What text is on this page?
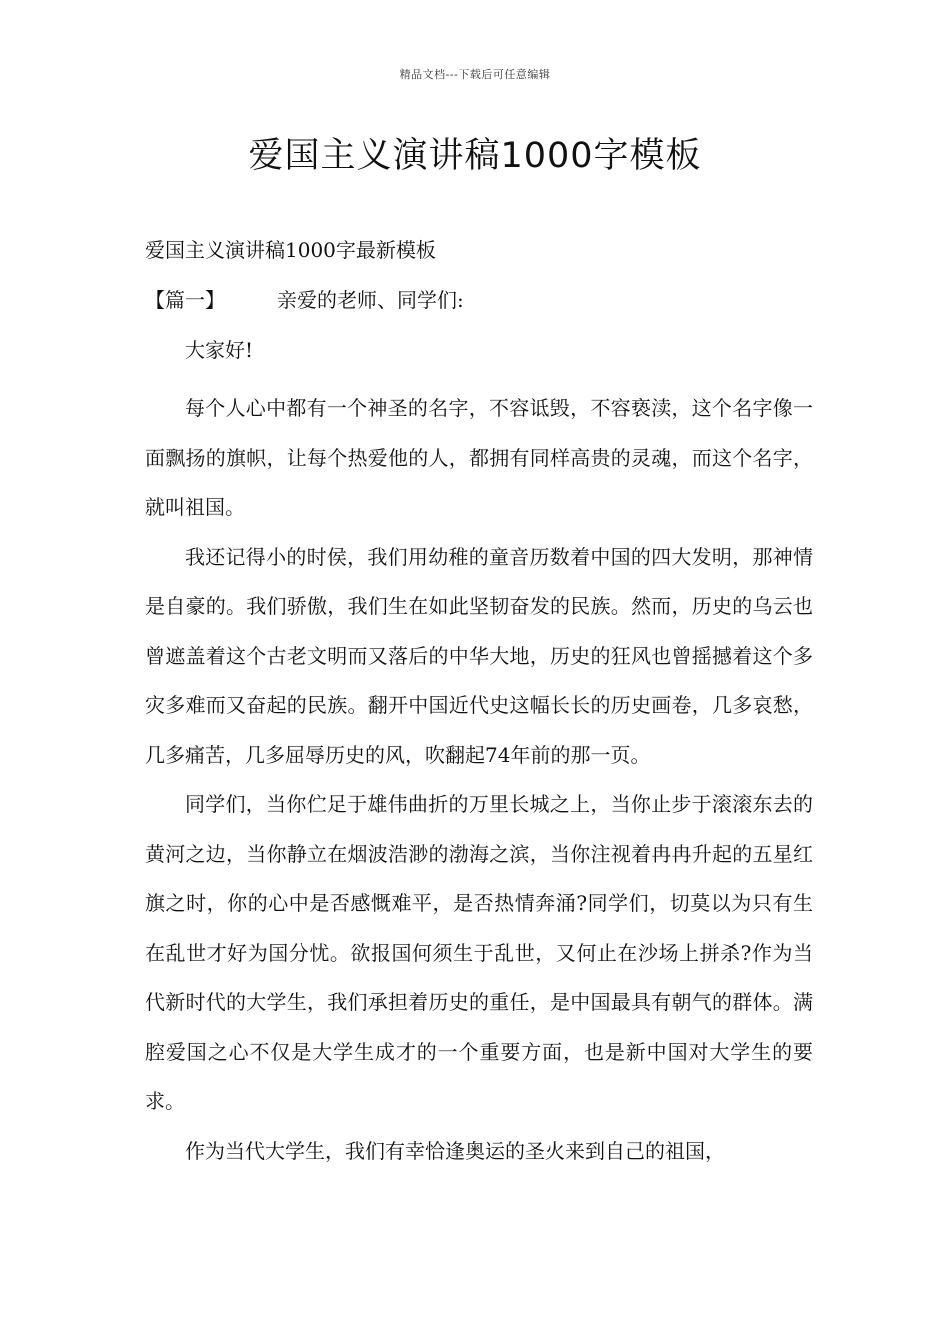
精品文档---下载后可任意编辑
爱国主义演讲稿1000字模板

爱国主义演讲稿1000字最新模板

【篇一】	亲爱的老师、同学们:

大家好!

每个人心中都有一个神圣的名字，不容诋毁，不容亵渎，这个名字像一面飘扬的旗帜，让每个热爱他的人，都拥有同样高贵的灵魂，而这个名字，就叫祖国。

我还记得小的时侯，我们用幼稚的童音历数着中国的四大发明，那神情是自豪的。我们骄傲，我们生在如此坚韧奋发的民族。然而，历史的乌云也曾遮盖着这个古老文明而又落后的中华大地，历史的狂风也曾摇撼着这个多灾多难而又奋起的民族。翻开中国近代史这幅长长的历史画卷，几多哀愁，几多痛苦，几多屈辱历史的风，吹翻起74年前的那一页。

同学们，当你伫足于雄伟曲折的万里长城之上，当你止步于滚滚东去的黄河之边，当你静立在烟波浩渺的渤海之滨，当你注视着冉冉升起的五星红旗之时，你的心中是否感慨难平，是否热情奔涌?同学们，切莫以为只有生在乱世才好为国分忧。欲报国何须生于乱世，又何止在沙场上拼杀?作为当代新时代的大学生，我们承担着历史的重任，是中国最具有朝气的群体。满腔爱国之心不仅是大学生成才的一个重要方面，也是新中国对大学生的要求。

作为当代大学生，我们有幸恰逢奥运的圣火来到自己的祖国，
